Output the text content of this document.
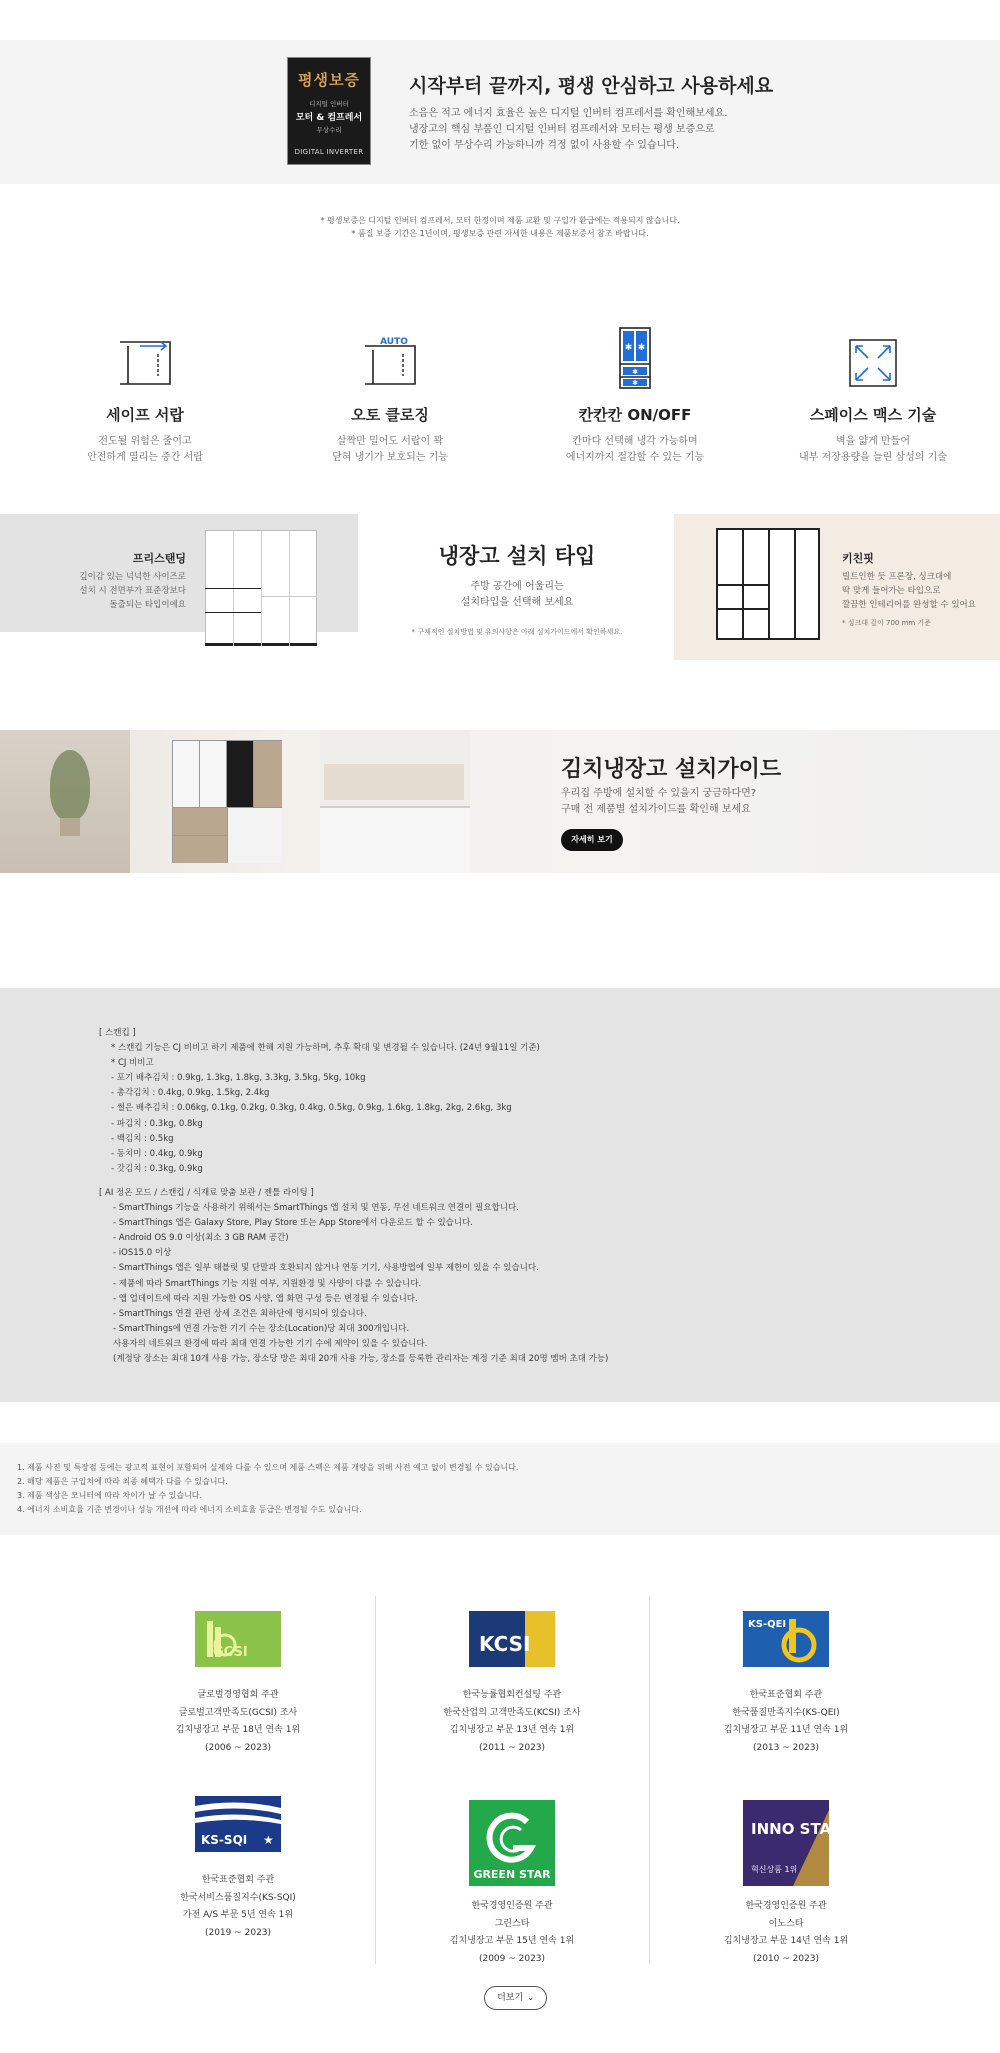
평생보증
디지털 인버터
모터 & 컴프레서
무상수리
DIGITAL INVERTER
시작부터 끝까지, 평생 안심하고 사용하세요
소음은 적고 에너지 효율은 높은 디지털 인버터 컴프레서를 확인해보세요.
냉장고의 핵심 부품인 디지털 인버터 컴프레서와 모터는 평생 보증으로
기한 없이 무상수리 가능하니까 걱정 없이 사용할 수 있습니다.
* 평생보증은 디지털 인버터 컴프레서, 모터 한정이며 제품 교환 및 구입가 환급에는 적용되지 않습니다.
* 품질 보증 기간은 1년이며, 평생보증 관련 자세한 내용은 제품보증서 참조 바랍니다.
세이프 서랍
전도될 위험은 줄이고
안전하게 열리는 중간 서랍
AUTO
오토 클로징
살짝만 밀어도 서랍이 꽉
닫혀 냉기가 보호되는 기능
✱ ✱
✱
✱
칸칸칸 ON/OFF
칸마다 선택해 냉각 가능하며
에너지까지 절감할 수 있는 기능
스페이스 맥스 기술
벽을 얇게 만들어
내부 저장용량을 늘린 삼성의 기술
프리스탠딩
깊이감 있는 넉넉한 사이즈로
설치 시 전면부가 표준장보다
돌출되는 타입이에요
냉장고 설치 타입
주방 공간에 어울리는
설치타입을 선택해 보세요
* 구체적인 설치방법 및 유의사항은 아래 설치가이드에서 확인하세요.
키친핏
빌트인한 듯 프론장, 싱크대에
딱 맞게 들어가는 타입으로
깔끔한 인테리어를 완성할 수 있어요
* 싱크대 깊이 700 mm 기준
김치냉장고 설치가이드
우리집 주방에 설치할 수 있을지 궁금하다면?
구매 전 제품별 설치가이드를 확인해 보세요
자세히 보기
[ 스캔킵 ]
* 스캔킵 기능은 CJ 비비고 하기 제품에 한해 지원 가능하며, 추후 확대 및 변경될 수 있습니다. (24년 9월11일 기준)
* CJ 비비고
- 포기 배추김치 : 0.9kg, 1.3kg, 1.8kg, 3.3kg, 3.5kg, 5kg, 10kg
- 총각김치 : 0.4kg, 0.9kg, 1.5kg, 2.4kg
- 썰은 배추김치 : 0.06kg, 0.1kg, 0.2kg, 0.3kg, 0.4kg, 0.5kg, 0.9kg, 1.6kg, 1.8kg, 2kg, 2.6kg, 3kg
- 파김치 : 0.3kg, 0.8kg
- 백김치 : 0.5kg
- 동치미 : 0.4kg, 0.9kg
- 갓김치 : 0.3kg, 0.9kg
[ AI 정온 모드 / 스캔킵 / 식재료 맞춤 보관 / 젠틀 라이팅 ]
- SmartThings 기능을 사용하기 위해서는 SmartThings 앱 설치 및 연동, 무선 네트워크 연결이 필요합니다.
- SmartThings 앱은 Galaxy Store, Play Store 또는 App Store에서 다운로드 할 수 있습니다.
- Android OS 9.0 이상(최소 3 GB RAM 공간)
- iOS15.0 이상
- SmartThings 앱은 일부 태블릿 및 단말과 호환되지 않거나 연동 기기, 사용방법에 일부 제한이 있을 수 있습니다.
- 제품에 따라 SmartThings 기능 지원 여부, 지원환경 및 사양이 다를 수 있습니다.
- 앱 업데이트에 따라 지원 가능한 OS 사양, 앱 화면 구성 등은 변경될 수 있습니다.
- SmartThings 연결 관련 상세 조건은 최하단에 명시되어 있습니다.
- SmartThings에 연결 가능한 기기 수는 장소(Location)당 최대 300개입니다.
사용자의 네트워크 환경에 따라 최대 연결 가능한 기기 수에 제약이 있을 수 있습니다.
(계정당 장소는 최대 10개 사용 가능, 장소당 방은 최대 20개 사용 가능, 장소를 등록한 관리자는 계정 기준 최대 20명 멤버 초대 가능)
1. 제품 사진 및 특장점 등에는 광고적 표현이 포함되어 실제와 다를 수 있으며 제품 스펙은 제품 개량을 위해 사전 예고 없이 변경될 수 있습니다.
2. 해당 제품은 구입처에 따라 최종 혜택가 다를 수 있습니다.
3. 제품 색상은 모니터에 따라 차이가 날 수 있습니다.
4. 에너지 소비효율 기준 변경이나 성능 개선에 따라 에너지 소비효율 등급은 변경될 수도 있습니다.
GCSI
글로벌경영협회 주관
글로벌고객만족도(GCSI) 조사
김치냉장고 부문 18년 연속 1위
(2006 ~ 2023)
KCSI
한국능률협회컨설팅 주관
한국산업의 고객만족도(KCSI) 조사
김치냉장고 부문 13년 연속 1위
(2011 ~ 2023)
KS-QEI
한국표준협회 주관
한국품질만족지수(KS-QEI)
김치냉장고 부문 11년 연속 1위
(2013 ~ 2023)
KS-SQI ★
한국표준협회 주관
한국서비스품질지수(KS-SQI)
가전 A/S 부문 5년 연속 1위
(2019 ~ 2023)
GREEN STAR
한국경영인증원 주관
그린스타
김치냉장고 부문 15년 연속 1위
(2009 ~ 2023)
INNO STAR
혁신상품 1위
한국경영인증원 주관
이노스타
김치냉장고 부문 14년 연속 1위
(2010 ~ 2023)
더보기 ⌄
